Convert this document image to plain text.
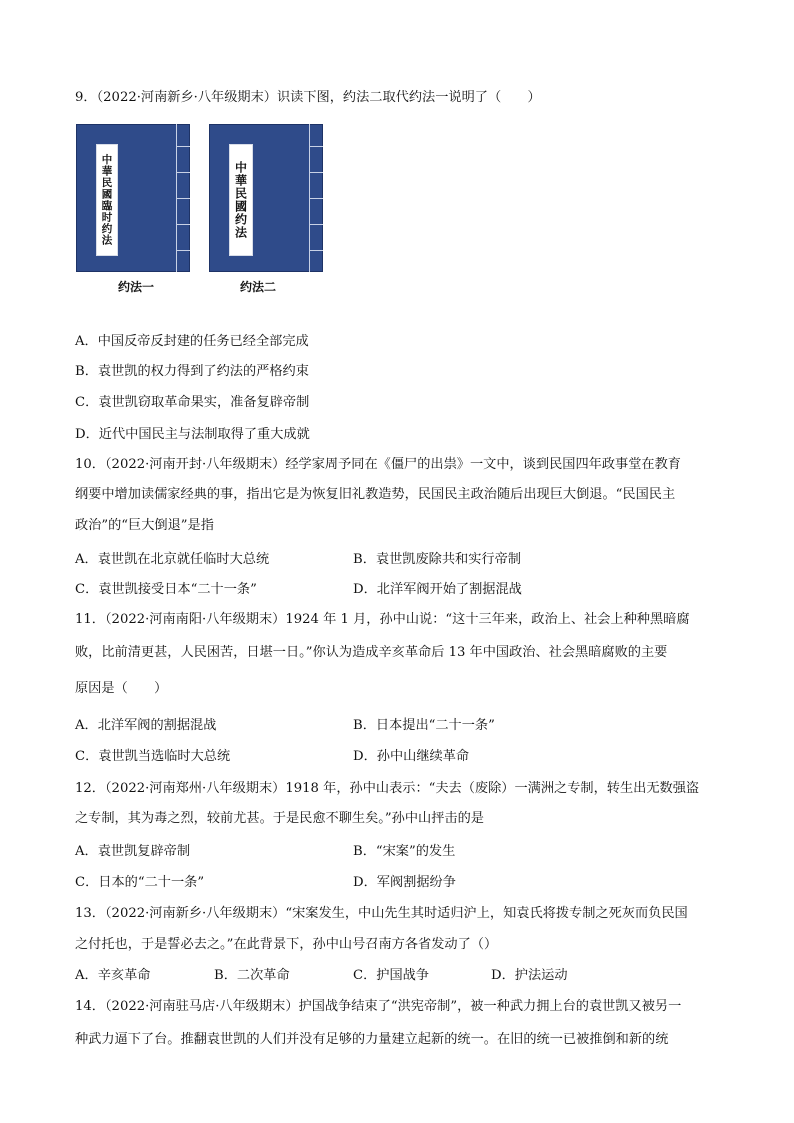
9．（2022·河南新乡·八年级期末）识读下图，约法二取代约法一说明了（　　）
中華民國臨时约法	中華民國约法
约法一	约法二
A．中国反帝反封建的任务已经全部完成
B．袁世凯的权力得到了约法的严格约束
C．袁世凯窃取革命果实，准备复辟帝制
D．近代中国民主与法制取得了重大成就
10．（2022·河南开封·八年级期末）经学家周予同在《僵尸的出祟》一文中，谈到民国四年政事堂在教育
纲要中增加读儒家经典的事，指出它是为恢复旧礼教造势，民国民主政治随后出现巨大倒退。“民国民主
政治”的“巨大倒退”是指
A．袁世凯在北京就任临时大总统	B．袁世凯废除共和实行帝制
C．袁世凯接受日本“二十一条”	D．北洋军阀开始了割据混战
11．（2022·河南南阳·八年级期末）1924 年 1 月，孙中山说：“这十三年来，政治上、社会上种种黑暗腐
败，比前清更甚，人民困苦，日堪一日。”你认为造成辛亥革命后 13 年中国政治、社会黑暗腐败的主要
原因是（　　）
A．北洋军阀的割据混战	B．日本提出“二十一条”
C．袁世凯当选临时大总统	D．孙中山继续革命
12．（2022·河南郑州·八年级期末）1918 年，孙中山表示：“夫去（废除）一满洲之专制，转生出无数强盗
之专制，其为毒之烈，较前尤甚。于是民愈不聊生矣。”孙中山抨击的是
A．袁世凯复辟帝制	B．“宋案”的发生
C．日本的“二十一条”	D．军阀割据纷争
13．（2022·河南新乡·八年级期末）“宋案发生，中山先生其时适归沪上，知袁氏将拨专制之死灰而负民国
之付托也，于是誓必去之。”在此背景下，孙中山号召南方各省发动了（）
A．辛亥革命	B．二次革命	C．护国战争	D．护法运动
14．（2022·河南驻马店·八年级期末）护国战争结束了“洪宪帝制”，被一种武力拥上台的袁世凯又被另一
种武力逼下了台。推翻袁世凯的人们并没有足够的力量建立起新的统一。在旧的统一已被推倒和新的统
